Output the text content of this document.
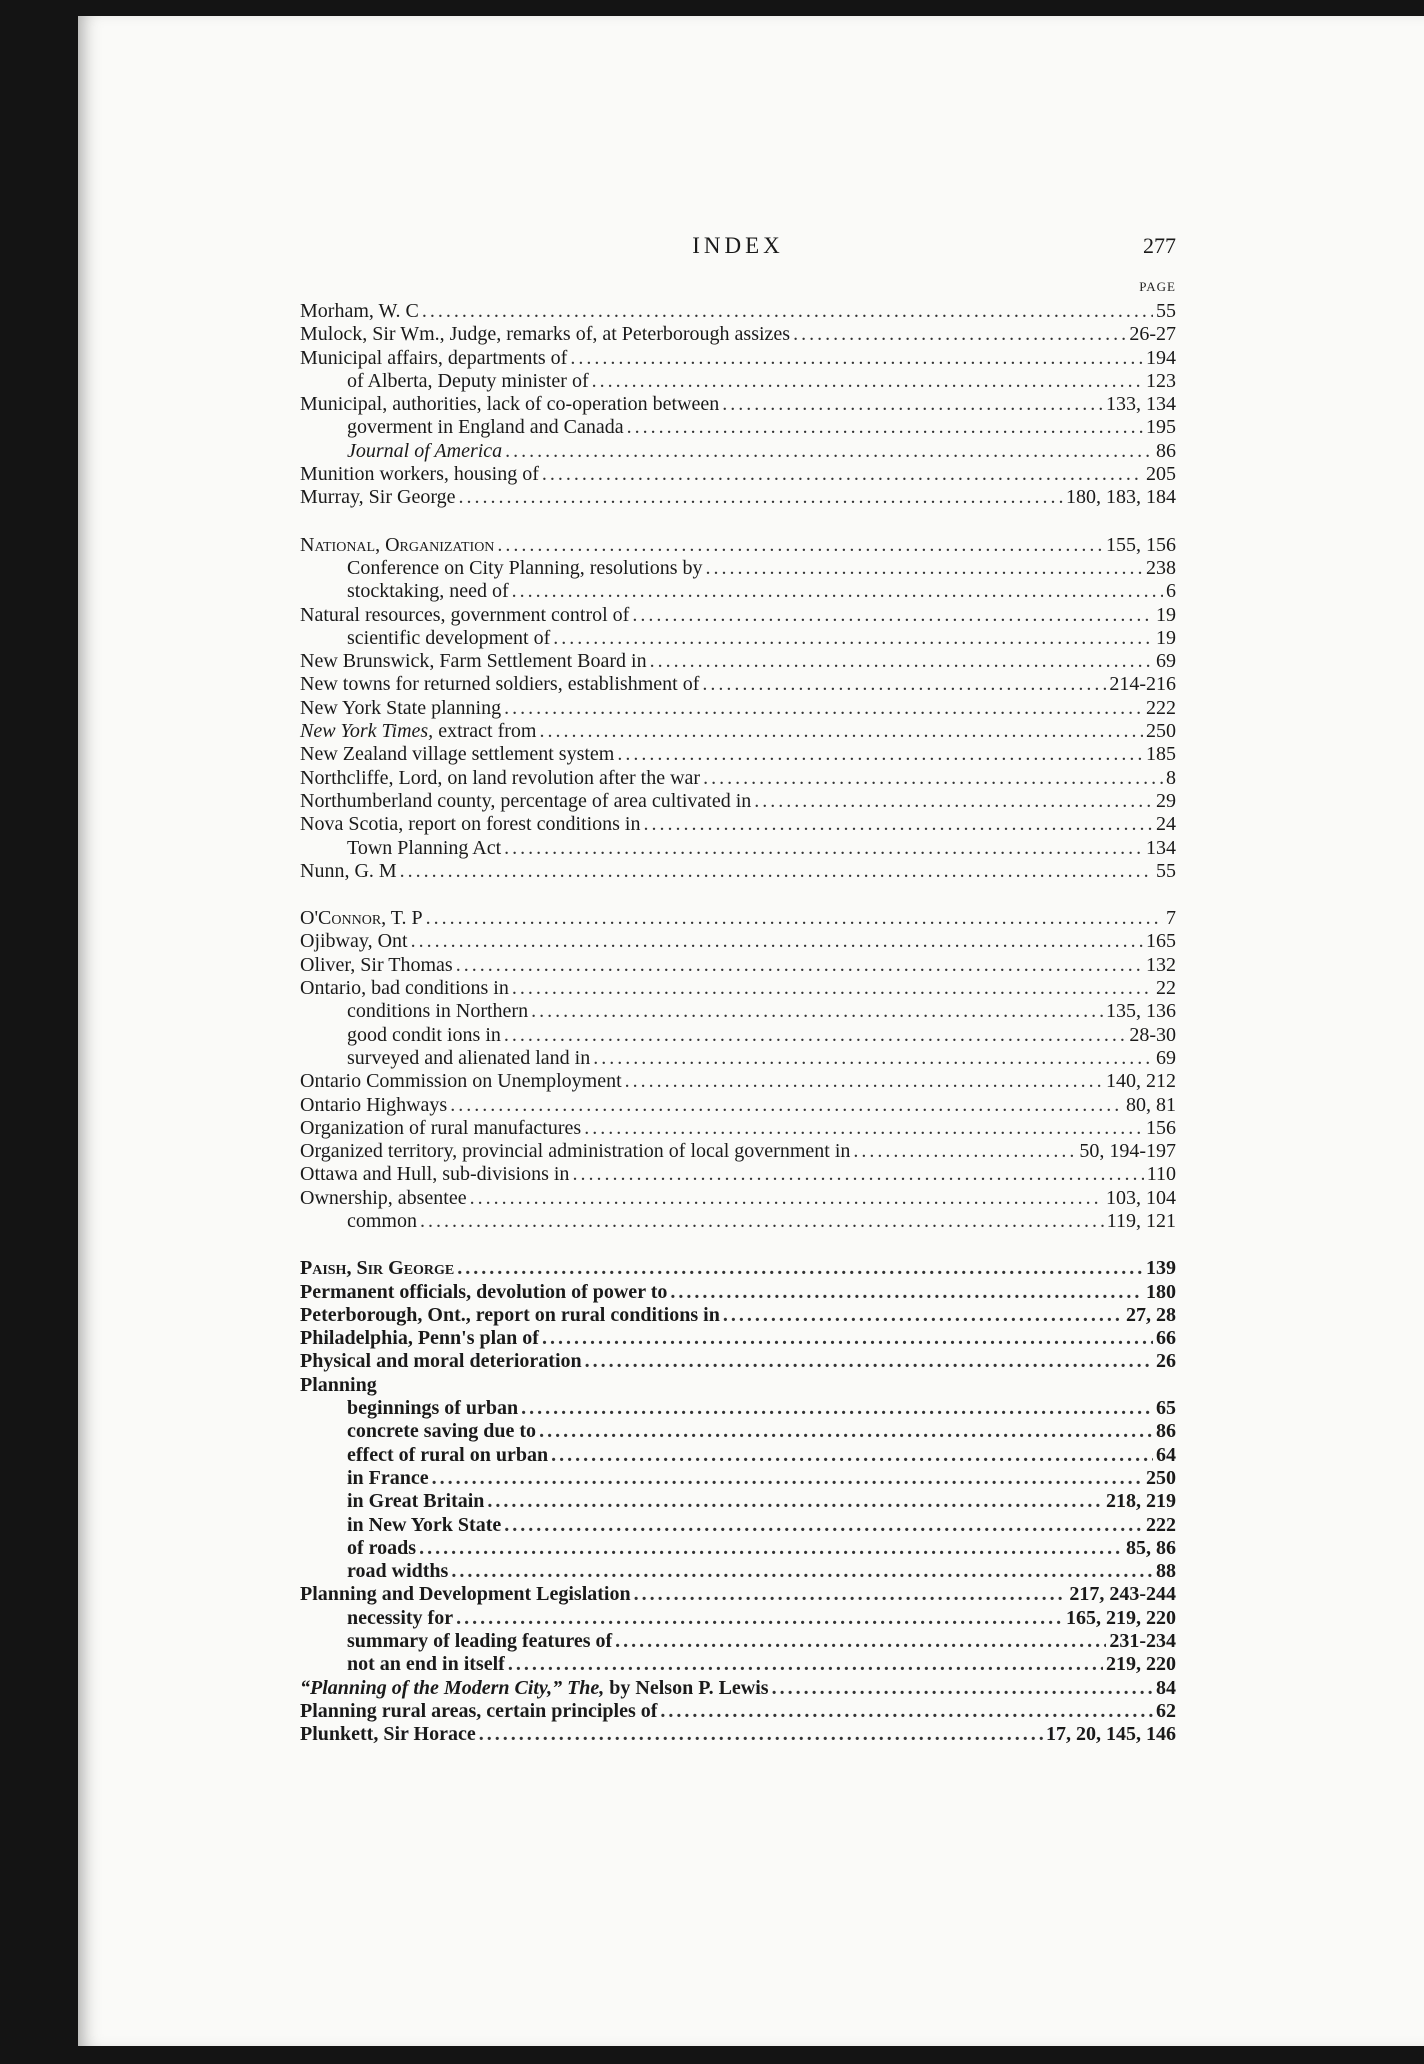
INDEX	277
PAGE
Morham, W. C .....	55
Mulock, Sir Wm., Judge, remarks of, at Peterborough assizes .....	26-27
Municipal affairs, departments of .....	194
of Alberta, Deputy minister of .....	123
Municipal, authorities, lack of co-operation between .....	133, 134
goverment in England and Canada .....	195
Journal of America .....	86
Munition workers, housing of .....	205
Murray, Sir George .....	180, 183, 184
National, Organization .....	155, 156
Conference on City Planning, resolutions by .....	238
stocktaking, need of .....	6
Natural resources, government control of .....	19
scientific development of .....	19
New Brunswick, Farm Settlement Board in .....	69
New towns for returned soldiers, establishment of .....	214-216
New York State planning .....	222
New York Times, extract from .....	250
New Zealand village settlement system .....	185
Northcliffe, Lord, on land revolution after the war .....	8
Northumberland county, percentage of area cultivated in .....	29
Nova Scotia, report on forest conditions in .....	24
Town Planning Act .....	134
Nunn, G. M .....	55
O'Connor, T. P .....	7
Ojibway, Ont .....	165
Oliver, Sir Thomas .....	132
Ontario, bad conditions in .....	22
conditions in Northern .....	135, 136
good condit ions in .....	28-30
surveyed and alienated land in .....	69
Ontario Commission on Unemployment .....	140, 212
Ontario Highways .....	80, 81
Organization of rural manufactures .....	156
Organized territory, provincial administration of local government in .....	50, 194-197
Ottawa and Hull, sub-divisions in .....	110
Ownership, absentee .....	103, 104
common .....	119, 121
Paish, Sir George .....	139
Permanent officials, devolution of power to .....	180
Peterborough, Ont., report on rural conditions in .....	27, 28
Philadelphia, Penn's plan of .....	66
Physical and moral deterioration .....	26
Planning
beginnings of urban .....	65
concrete saving due to .....	86
effect of rural on urban .....	64
in France .....	250
in Great Britain .....	218, 219
in New York State .....	222
of roads .....	85, 86
road widths .....	88
Planning and Development Legislation .....	217, 243-244
necessity for .....	165, 219, 220
summary of leading features of .....	231-234
not an end in itself .....	219, 220
“Planning of the Modern City,” The, by Nelson P. Lewis .....	84
Planning rural areas, certain principles of .....	62
Plunkett, Sir Horace .....	17, 20, 145, 146
